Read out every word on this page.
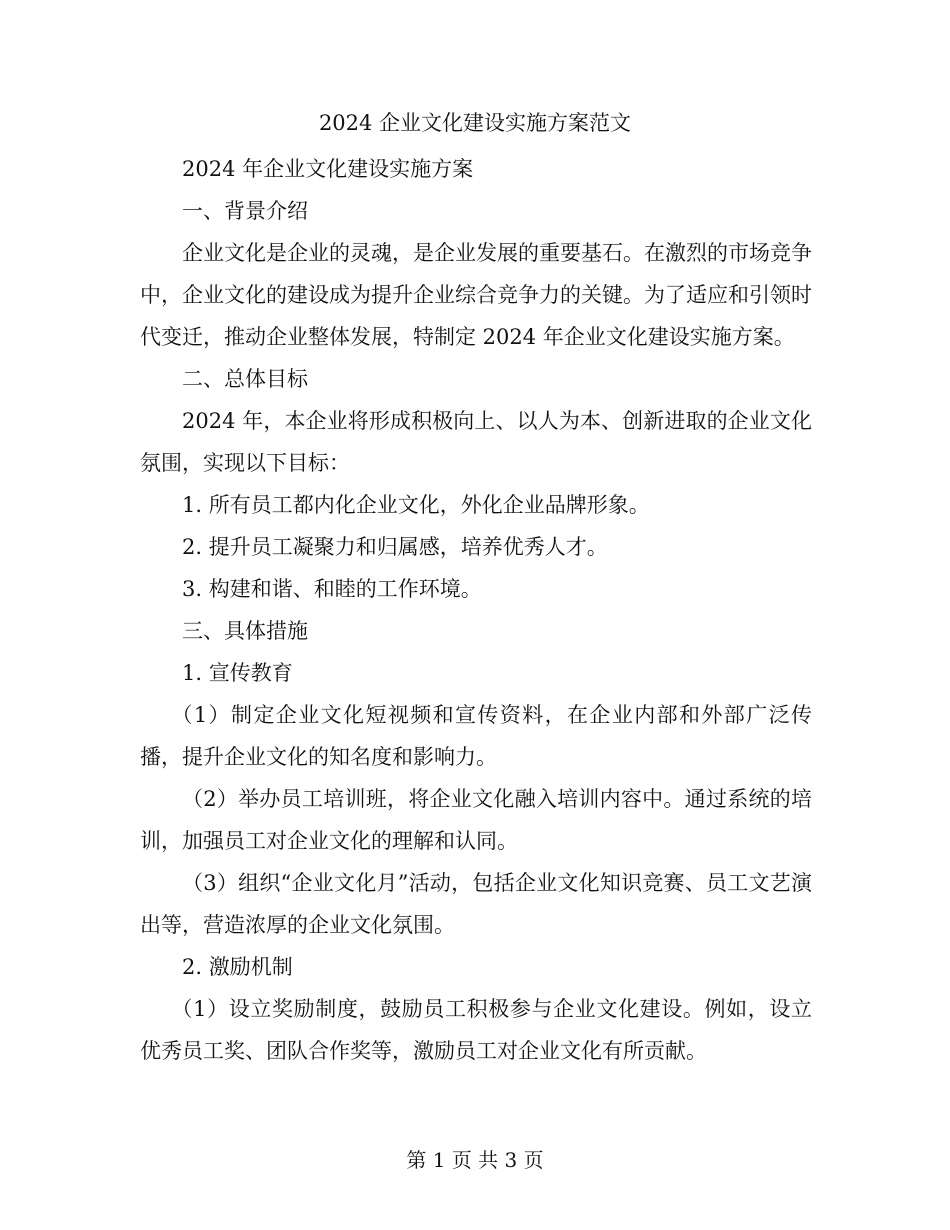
2024 企业文化建设实施方案范文

2024 年企业文化建设实施方案

一、背景介绍

企业文化是企业的灵魂，是企业发展的重要基石。在激烈的市场竞争中，企业文化的建设成为提升企业综合竞争力的关键。为了适应和引领时代变迁，推动企业整体发展，特制定 2024 年企业文化建设实施方案。

二、总体目标

2024 年，本企业将形成积极向上、以人为本、创新进取的企业文化氛围，实现以下目标：

1. 所有员工都内化企业文化，外化企业品牌形象。

2. 提升员工凝聚力和归属感，培养优秀人才。

3. 构建和谐、和睦的工作环境。

三、具体措施

1. 宣传教育

（1）制定企业文化短视频和宣传资料，在企业内部和外部广泛传播，提升企业文化的知名度和影响力。

（2）举办员工培训班，将企业文化融入培训内容中。通过系统的培训，加强员工对企业文化的理解和认同。

（3）组织“企业文化月”活动，包括企业文化知识竞赛、员工文艺演出等，营造浓厚的企业文化氛围。

2. 激励机制

（1）设立奖励制度，鼓励员工积极参与企业文化建设。例如，设立优秀员工奖、团队合作奖等，激励员工对企业文化有所贡献。

第 1 页 共 3 页
